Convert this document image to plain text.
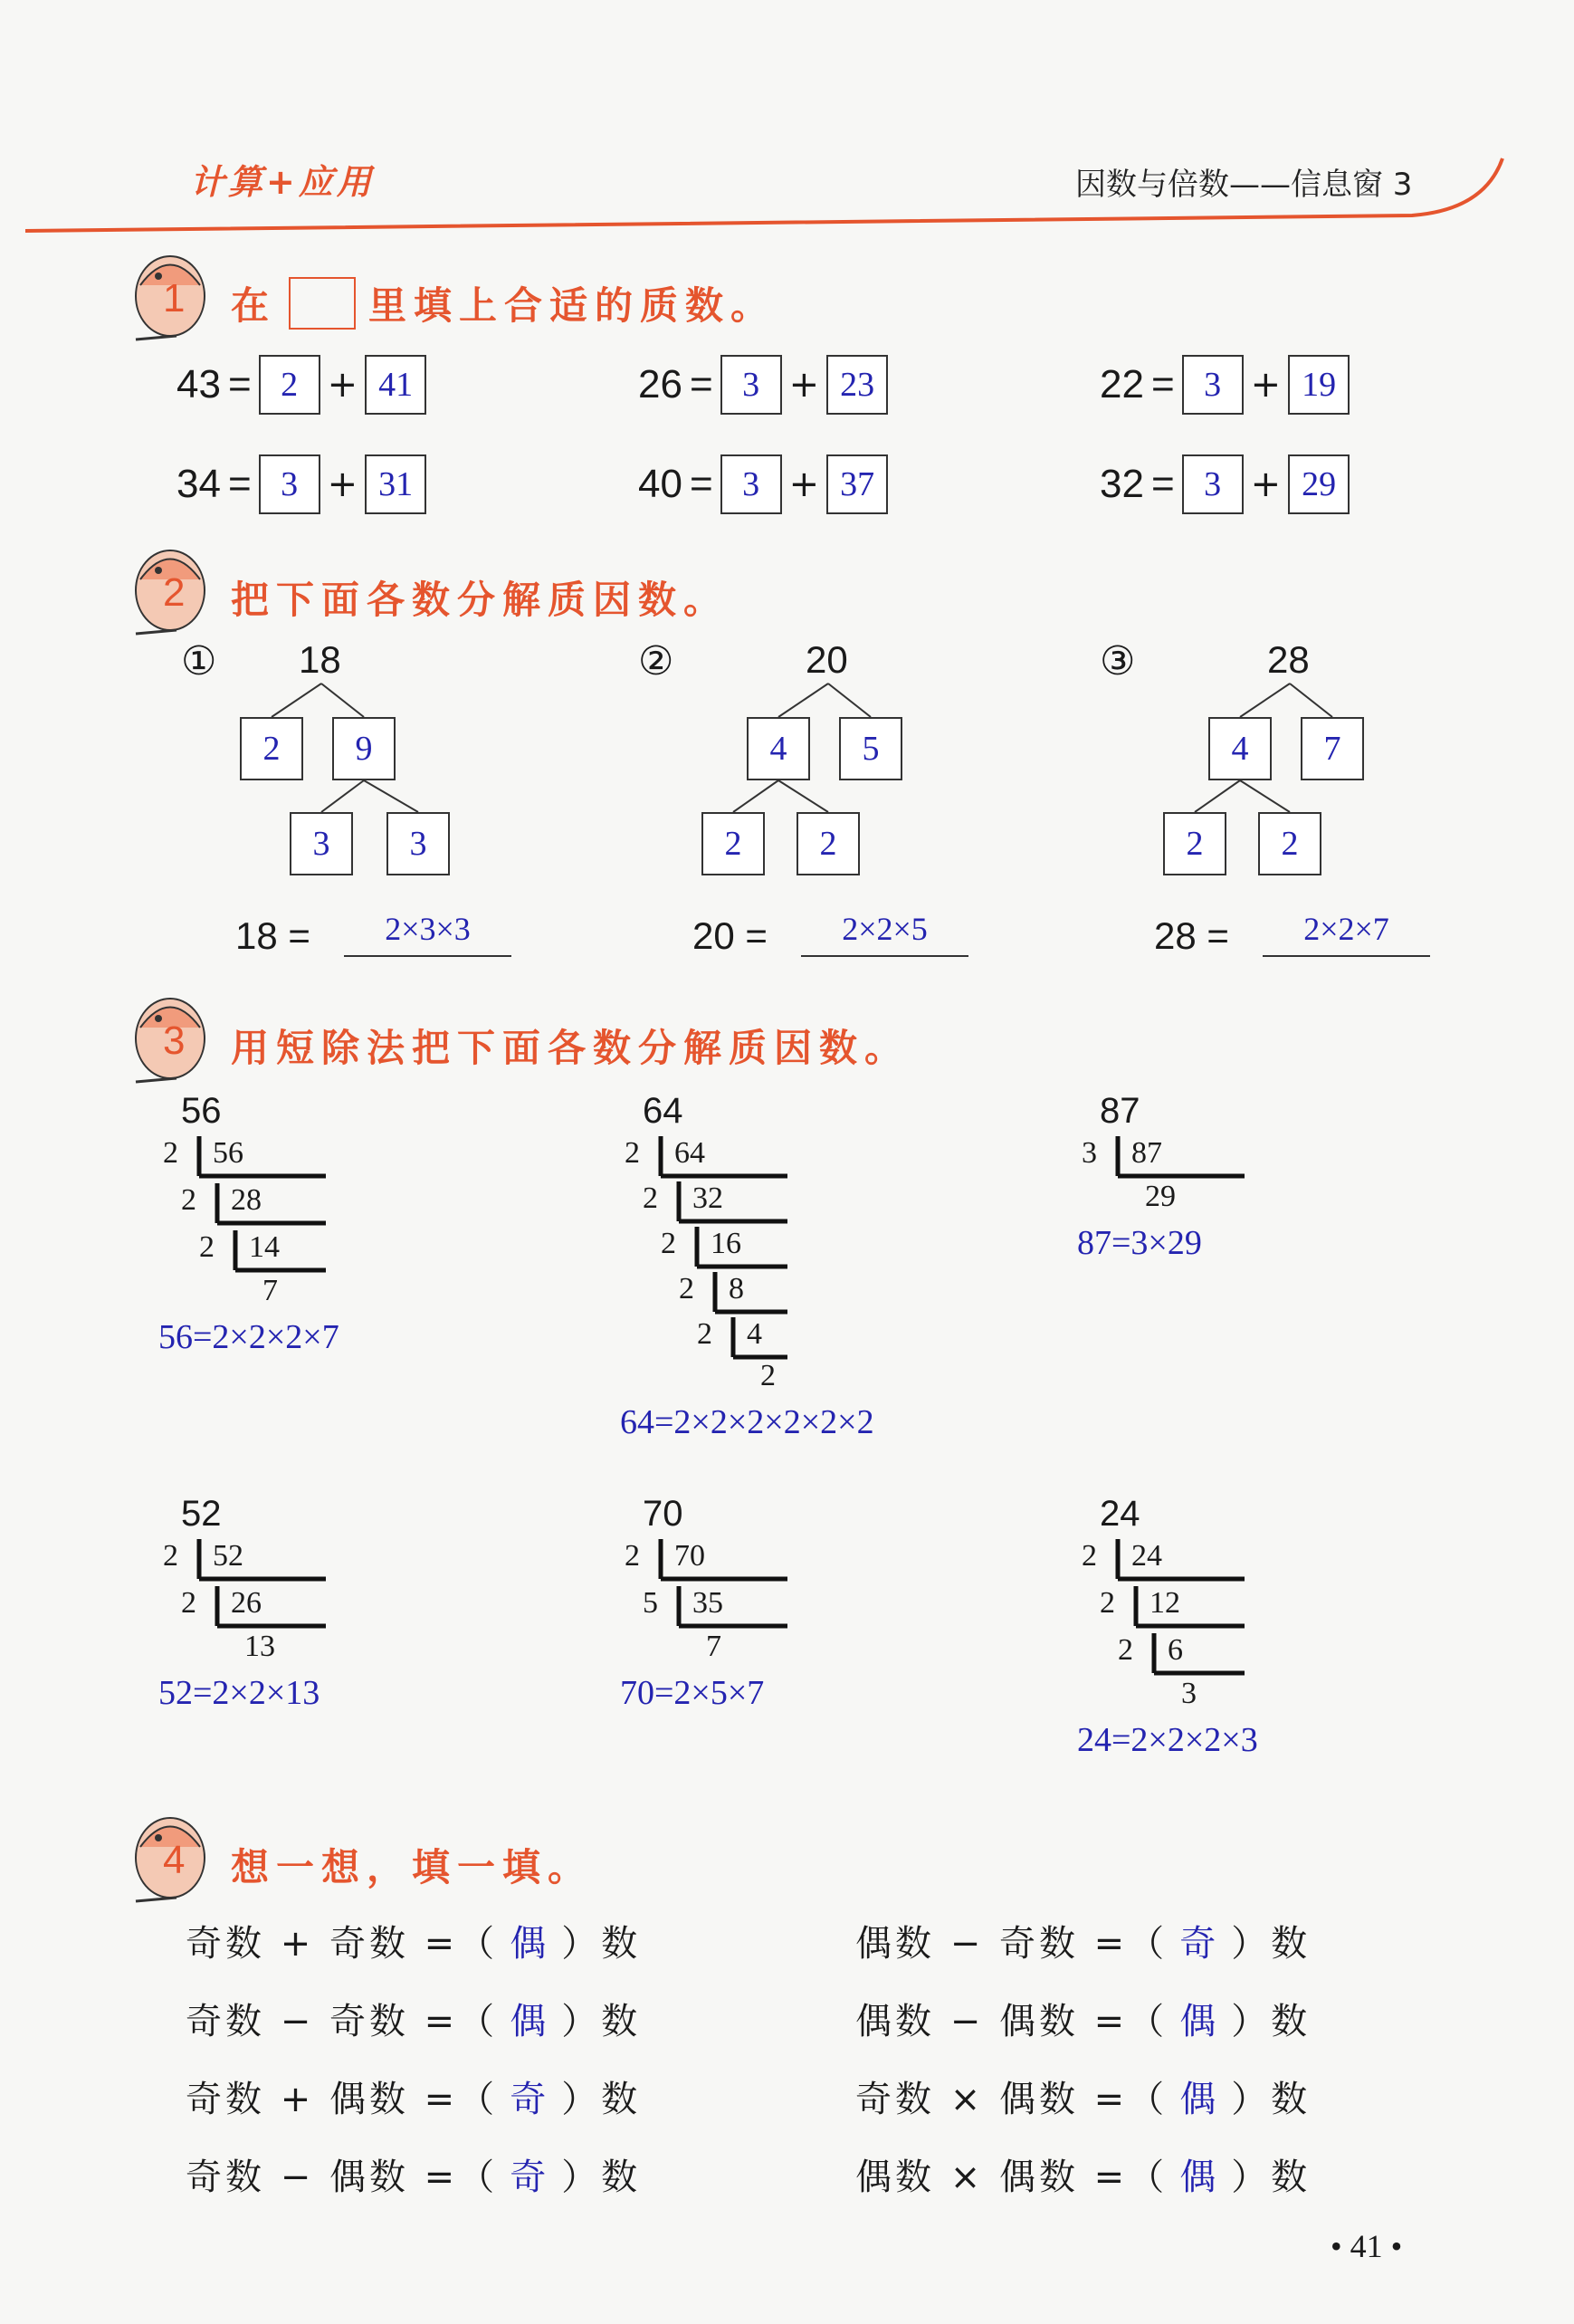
计算+应用	因数与倍数——信息窗 3
1 在 里填上合适的质数。
43 = 2 + 41	26 = 3 + 23	22 = 3 + 19
34 = 3 + 31	40 = 3 + 37	32 = 3 + 29
2 把下面各数分解质因数。
① 18
2	9
3	3
18 =	2×3×3
②	20
4	5
2	2
20 =	2×2×5
③	28
4	7
2	2
28 =	2×2×7
3 用短除法把下面各数分解质因数。
56
2 56
2 28
2 14
7
56=2×2×2×7
64
2 64
2 32
2 16
2 8
2 4
2
64=2×2×2×2×2×2
87
3 87
29
87=3×29
52
2 52
2 26
13
52=2×2×13
70
2 70
5 35
7
70=2×5×7
24
2 24
2 12
2 6
3
24=2×2×2×3
4 想一想，填一填。
奇数 + 奇数 =（ 偶 ）数	偶数 − 奇数 =（ 奇 ）数
奇数 − 奇数 =（ 偶 ）数	偶数 − 偶数 =（ 偶 ）数
奇数 + 偶数 =（ 奇 ）数	奇数 × 偶数 =（ 偶 ）数
奇数 − 偶数 =（ 奇 ）数	偶数 × 偶数 =（ 偶 ）数
• 41 •
